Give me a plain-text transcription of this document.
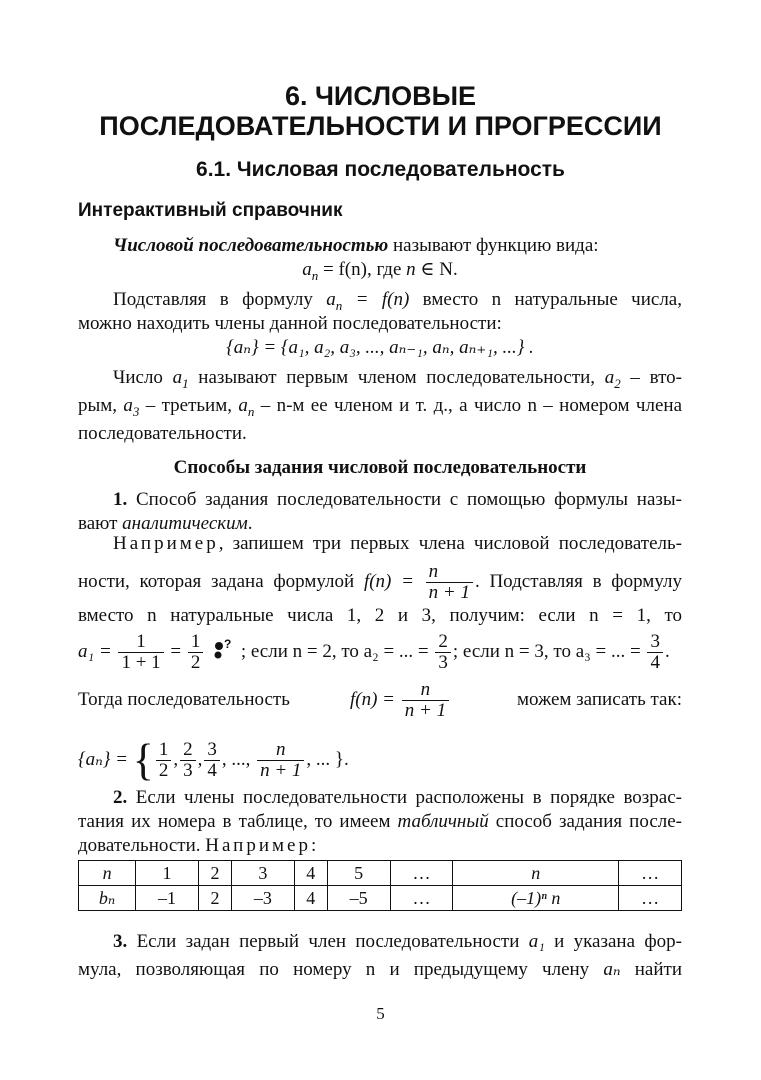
6. ЧИСЛОВЫЕ
ПОСЛЕДОВАТЕЛЬНОСТИ И ПРОГРЕССИИ
6.1. Числовая последовательность
Интерактивный справочник
Числовой последовательностью называют функцию вида:
$a_n = f(n)$, где n ∈ N.
Подставляя в формулу $a_n = f(n)$ вместо n натуральные числа,
можно находить члены данной последовательности:
{aₙ} = {a₁, a₂, a₃, ..., aₙ₋₁, aₙ, aₙ₊₁, ...} .
Число $a_1$ называют первым членом последовательности, $a_2 - вто-$
рым, $a_3$ – третьим, $a_n - n-м$ ее членом и т. д., а число n – номером члена
последовательности.
Способы задания числовой последовательности
1. Способ задания последовательности с помощью формулы назы-
вают аналитическим.
Например, запишем три первых члена числовой последователь-
ности, которая задана формулой $f(n) = \frac{n}{n + 1}$ . Подставляя в формулу
вместо n натуральные числа 1, 2 и 3, получим: если n = 1, то
$a_1 = \frac{1}{1 + 1} = \frac{1}{2}$
? ; если n = 2, то a₂ = ... = $\frac{2}{3}$ ; если n = 3, то a₃ = ... = $\frac{3}{4}$ .
Тогда последовательность	$f(n) = \frac{n}{n + 1}$	можем записать так:
{aₙ} = { $\frac{1}{2}$ , $\frac{2}{3}$ , $\frac{3}{4}$ , ..., $\frac{n}{n + 1}$ , ... }.
2. Если члены последовательности расположены в порядке возрас-
тания их номера в таблице, то имеем табличный способ задания после-
довательности. Например:
n	1	2	3	4	5	…	n	…
bₙ	–1	2	–3	4	–5	…	(–1)ⁿ n	…
3. Если задан первый член последовательности a₁ и указана фор-
мула, позволяющая по номеру n и предыдущему члену aₙ найти
5
